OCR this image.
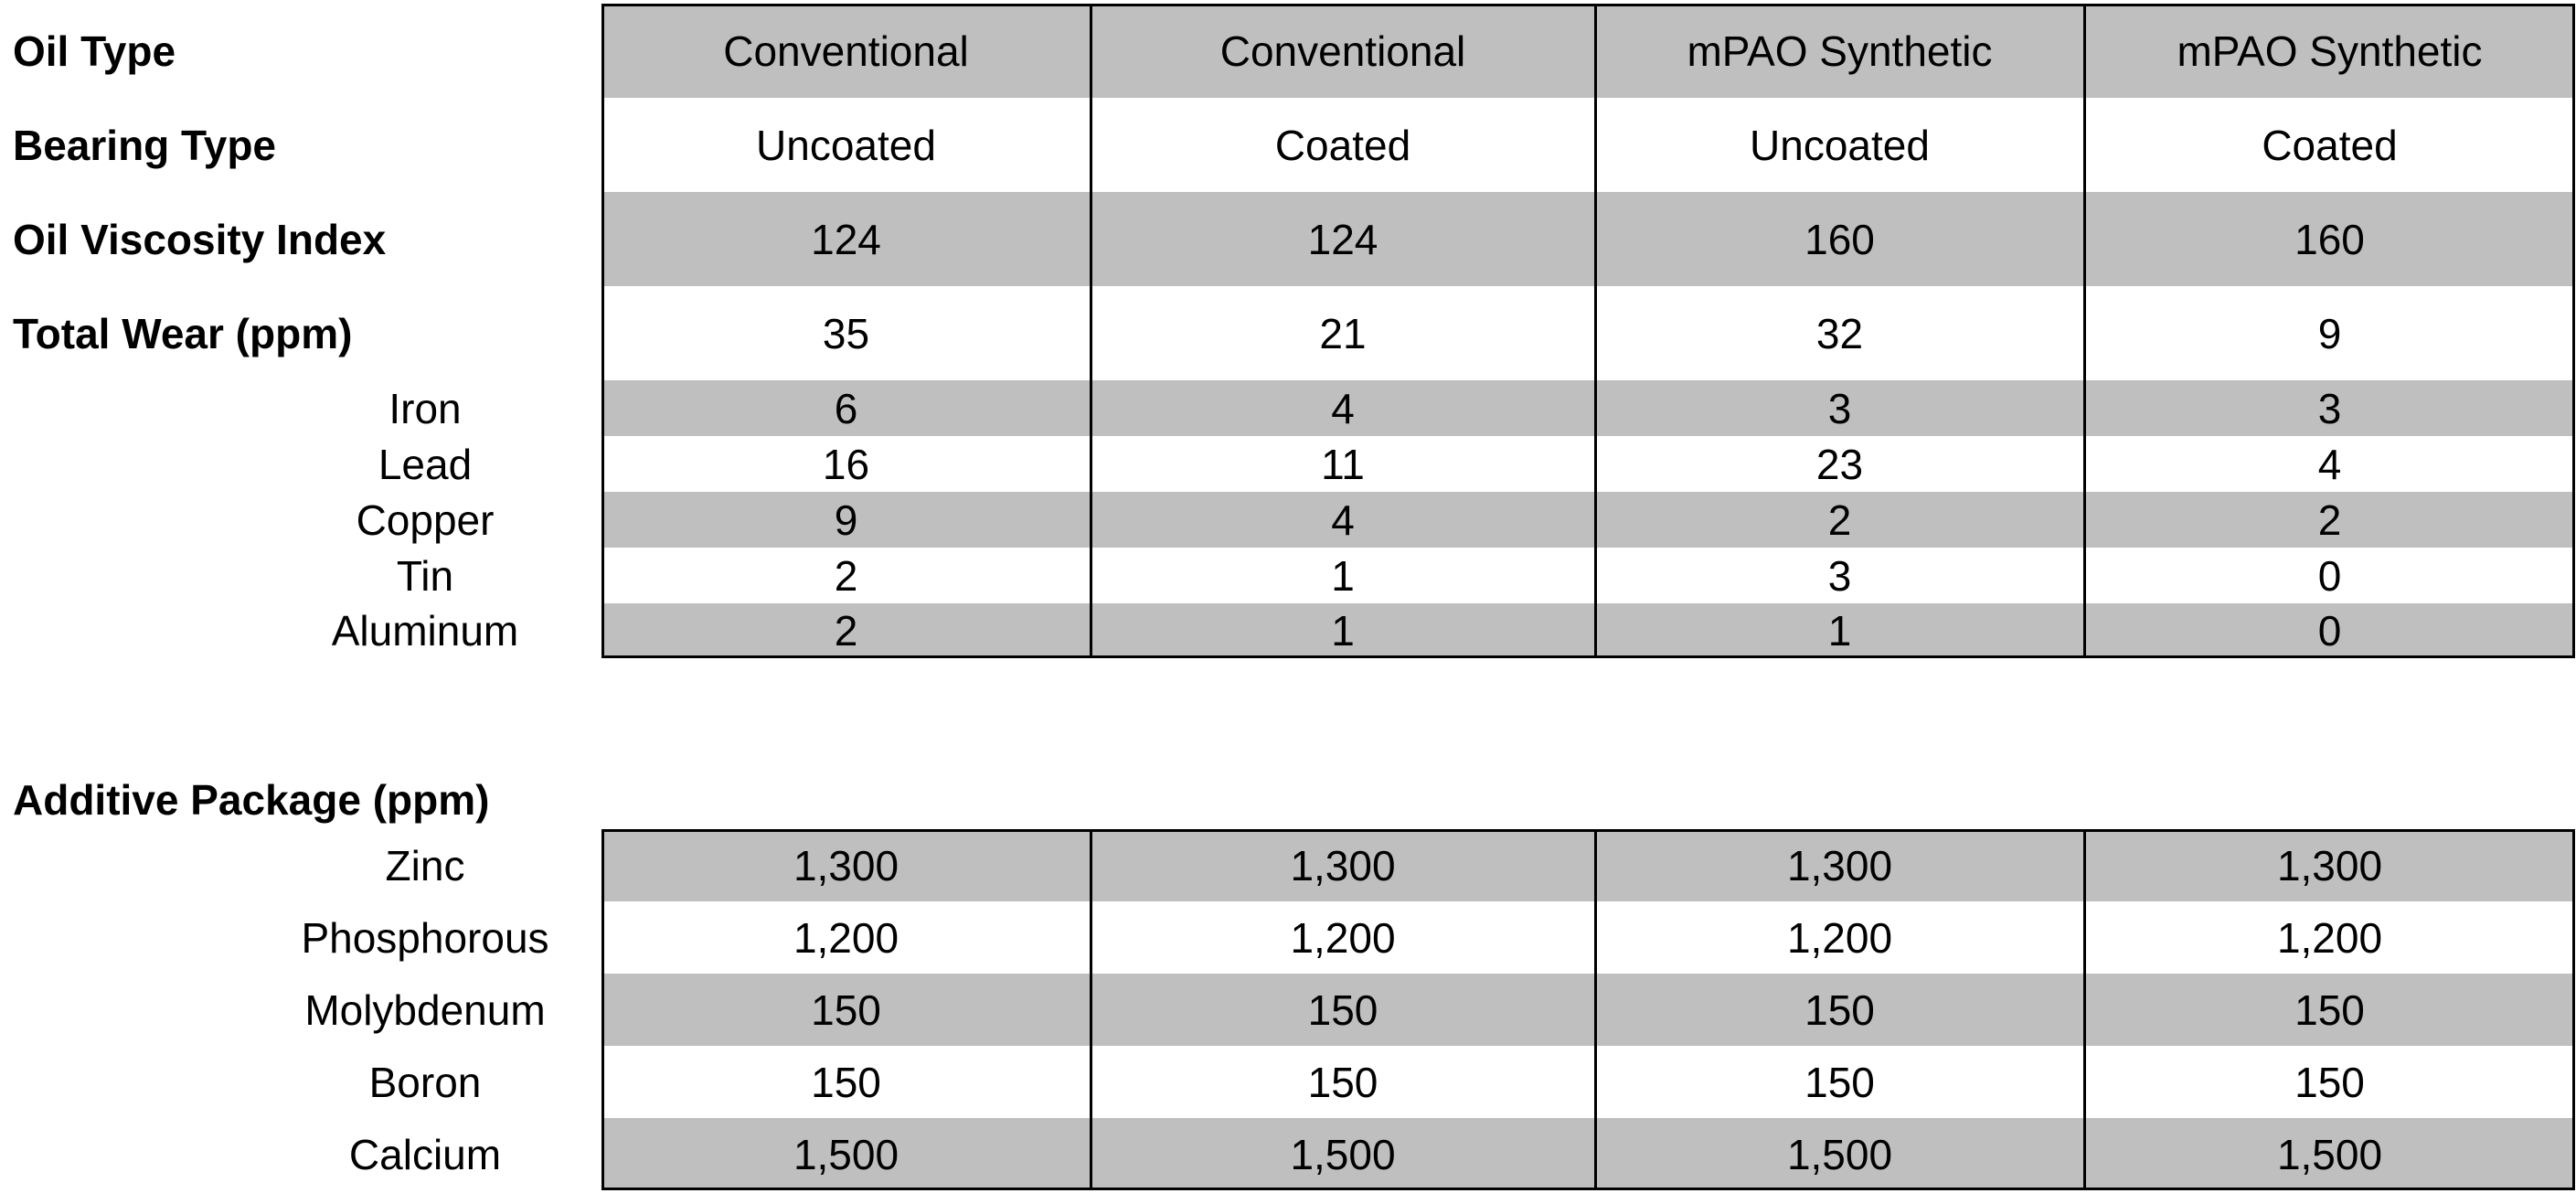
Oil Type	Conventional	Conventional	mPAO Synthetic	mPAO Synthetic
Bearing Type	Uncoated	Coated	Uncoated	Coated
Oil Viscosity Index	124	124	160	160
Total Wear (ppm)	35	21	32	9
Iron	6	4	3	3
Lead	16	11	23	4
Copper	9	4	2	2
Tin	2	1	3	0
Aluminum	2	1	1	0
Additive Package (ppm)
Zinc	1,300	1,300	1,300	1,300
Phosphorous	1,200	1,200	1,200	1,200
Molybdenum	150	150	150	150
Boron	150	150	150	150
Calcium	1,500	1,500	1,500	1,500
